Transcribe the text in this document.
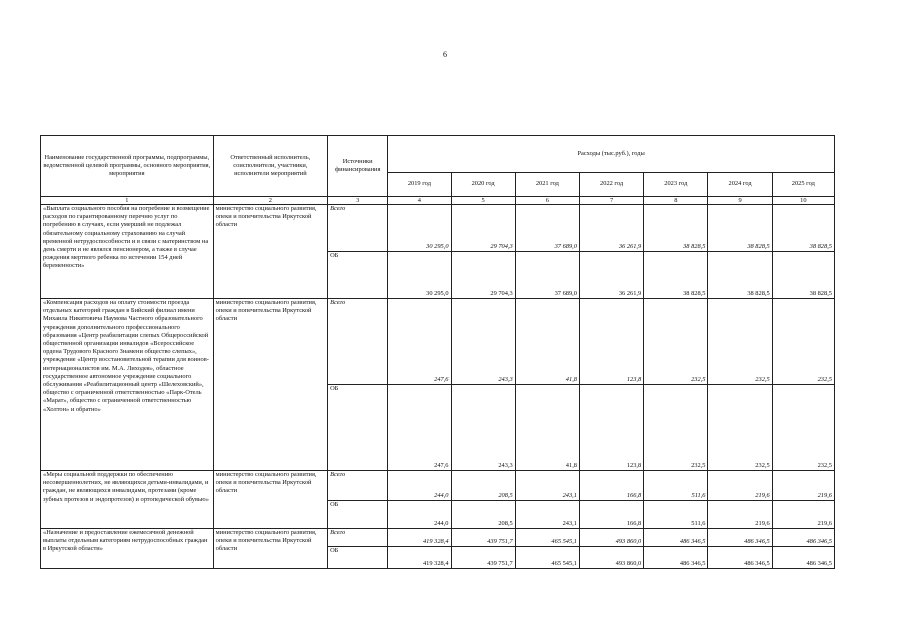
6
Наименование государственной программы, подпрограммы, ведомственной целевой программы, основного мероприятия, мероприятия	Ответственный исполнитель, соисполнители, участники, исполнители мероприятий	Источники финансирования	Расходы (тыс.руб.), годы						
			2019 год	2020 год	2021 год	2022 год	2023 год	2024 год	2025 год
1	2	3	4	5	6	7	8	9	10
«Выплата социального пособия на погребение и возмещение расходов по гарантированному перечню услуг по погребению в случаях, если умерший не подлежал обязательному социальному страхованию на случай временной нетрудоспособности и в связи с материнством на день смерти и не являлся пенсионером, а также в случае рождения мертвого ребенка по истечении 154 дней беременности»	министерство социального развития, опеки и попечительства Иркутской области	Всего	30 295,0	29 704,3	37 689,0	36 261,9	38 828,5	38 828,5	38 828,5
		ОБ	30 295,0	29 704,3	37 689,0	36 261,9	38 828,5	38 828,5	38 828,5
«Компенсация расходов на оплату стоимости проезда отдельных категорий граждан в Бийский филиал имени Михаила Никитовича Наумова Частного образовательного учреждения дополнительного профессионального образования «Центр реабилитации слепых Общероссийской общественной организации инвалидов «Всероссийское ордена Трудового Красного Знамени общество слепых», учреждение «Центр восстановительной терапии для воинов-интернационалистов им. М.А. Лиходея», областное государственное автономное учреждение социального обслуживания «Реабилитационный центр «Шелеховский», общество с ограниченной ответственностью «Парк-Отель «Марат», общество с ограниченной ответственностью «Холтон» и обратно»	министерство социального развития, опеки и попечительства Иркутской области	Всего	247,6	243,3	41,8	123,8	232,5	232,5	232,5
		ОБ	247,6	243,3	41,8	123,8	232,5	232,5	232,5
«Меры социальной поддержки по обеспечению несовершеннолетних, не являющихся детьми-инвалидами, и граждан, не являющихся инвалидами, протезами (кроме зубных протезов и эндопротезов) и ортопедической обувью»	министерство социального развития, опеки и попечительства Иркутской области	Всего	244,0	208,5	243,1	166,8	511,6	219,6	219,6
		ОБ	244,0	208,5	243,1	166,8	511,6	219,6	219,6
«Назначение и предоставление ежемесячной денежной выплаты отдельным категориям нетрудоспособных граждан в Иркутской области»	министерство социального развития, опеки и попечительства Иркутской области	Всего	419 328,4	439 751,7	465 545,1	493 860,0	486 346,5	486 346,5	486 346,5
		ОБ	419 328,4	439 751,7	465 545,1	493 860,0	486 346,5	486 346,5	486 346,5
